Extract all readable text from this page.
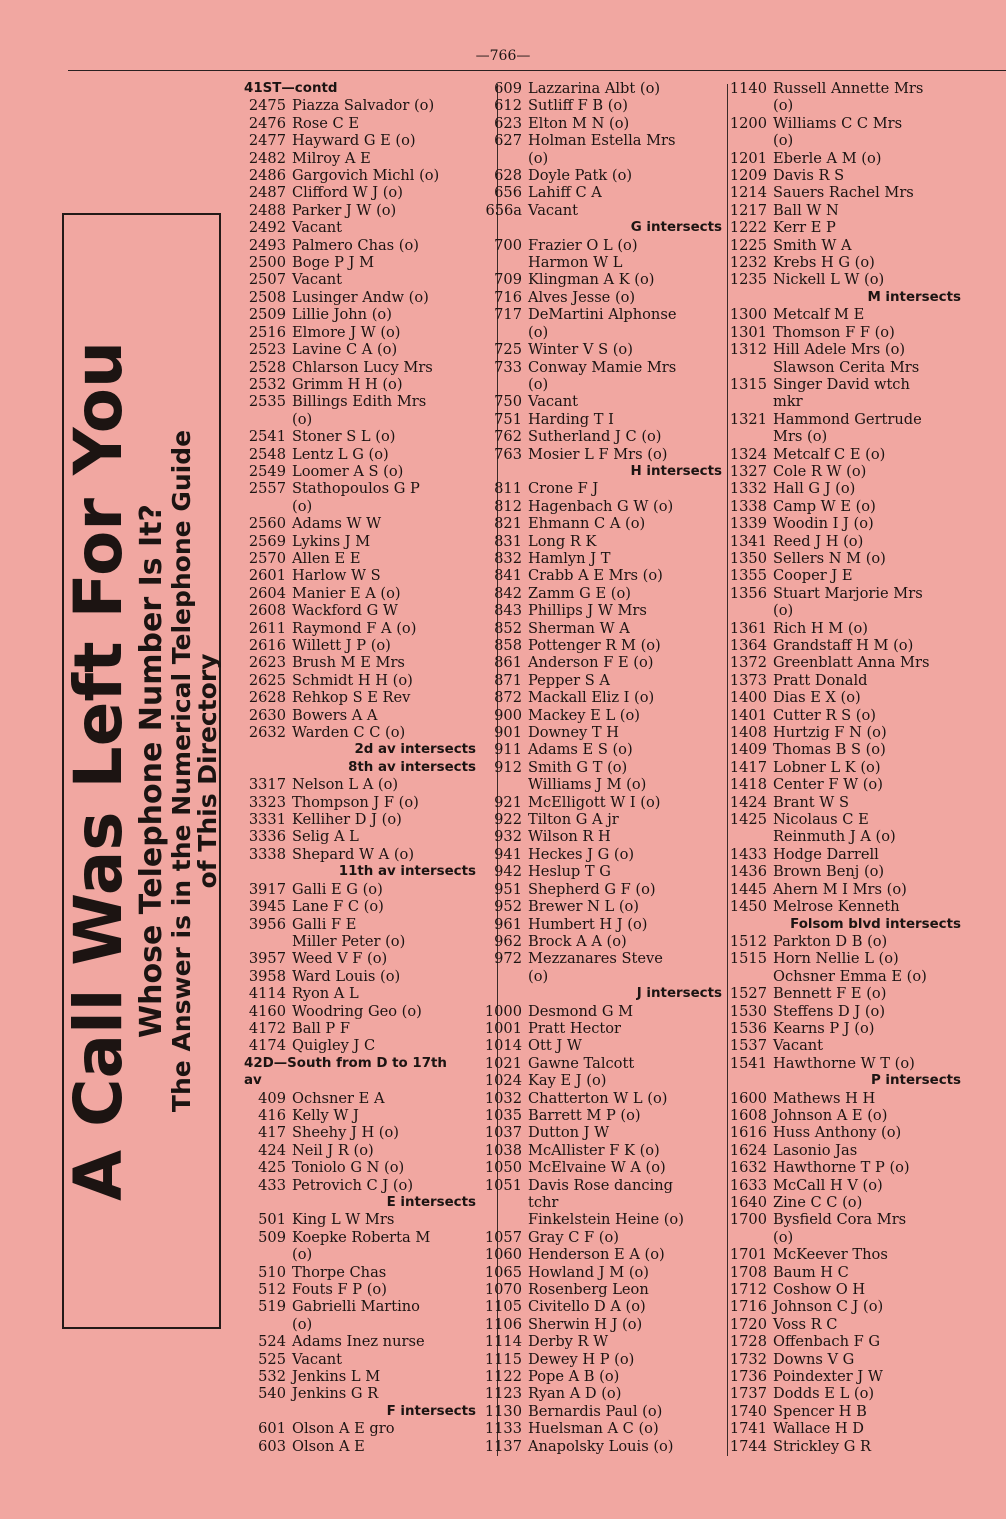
—766—
A Call Was Left For You
Whose Telephone Number Is It?
The Answer is in the Numerical Telephone Guide
of This Directory
41ST—contd
2475 Piazza Salvador (o)
2476 Rose C E
2477 Hayward G E (o)
2482 Milroy A E
2486 Gargovich Michl (o)
2487 Clifford W J (o)
2488 Parker J W (o)
2492 Vacant
2493 Palmero Chas (o)
2500 Boge P J M
2507 Vacant
2508 Lusinger Andw (o)
2509 Lillie John (o)
2516 Elmore J W (o)
2523 Lavine C A (o)
2528 Chlarson Lucy Mrs
2532 Grimm H H (o)
2535 Billings Edith Mrs
(o)
2541 Stoner S L (o)
2548 Lentz L G (o)
2549 Loomer A S (o)
2557 Stathopoulos G P
(o)
2560 Adams W W
2569 Lykins J M
2570 Allen E E
2601 Harlow W S
2604 Manier E A (o)
2608 Wackford G W
2611 Raymond F A (o)
2616 Willett J P (o)
2623 Brush M E Mrs
2625 Schmidt H H (o)
2628 Rehkop S E Rev
2630 Bowers A A
2632 Warden C C (o)
2d av intersects
8th av intersects
3317 Nelson L A (o)
3323 Thompson J F (o)
3331 Kelliher D J (o)
3336 Selig A L
3338 Shepard W A (o)
11th av intersects
3917 Galli E G (o)
3945 Lane F C (o)
3956 Galli F E
Miller Peter (o)
3957 Weed V F (o)
3958 Ward Louis (o)
4114 Ryon A L
4160 Woodring Geo (o)
4172 Ball P F
4174 Quigley J C
42D—South from D to 17th
av
409 Ochsner E A
416 Kelly W J
417 Sheehy J H (o)
424 Neil J R (o)
425 Toniolo G N (o)
433 Petrovich C J (o)
E intersects
501 King L W Mrs
509 Koepke Roberta M
(o)
510 Thorpe Chas
512 Fouts F P (o)
519 Gabrielli Martino
(o)
524 Adams Inez nurse
525 Vacant
532 Jenkins L M
540 Jenkins G R
F intersects
601 Olson A E gro
603 Olson A E
609 Lazzarina Albt (o)
612 Sutliff F B (o)
623 Elton M N (o)
627 Holman Estella Mrs
(o)
628 Doyle Patk (o)
656 Lahiff C A
656a Vacant
G intersects
700 Frazier O L (o)
Harmon W L
709 Klingman A K (o)
716 Alves Jesse (o)
717 DeMartini Alphonse
(o)
725 Winter V S (o)
733 Conway Mamie Mrs
(o)
750 Vacant
751 Harding T I
762 Sutherland J C (o)
763 Mosier L F Mrs (o)
H intersects
811 Crone F J
812 Hagenbach G W (o)
821 Ehmann C A (o)
831 Long R K
832 Hamlyn J T
841 Crabb A E Mrs (o)
842 Zamm G E (o)
843 Phillips J W Mrs
852 Sherman W A
858 Pottenger R M (o)
861 Anderson F E (o)
871 Pepper S A
872 Mackall Eliz I (o)
900 Mackey E L (o)
901 Downey T H
911 Adams E S (o)
912 Smith G T (o)
Williams J M (o)
921 McElligott W I (o)
922 Tilton G A jr
932 Wilson R H
941 Heckes J G (o)
942 Heslup T G
951 Shepherd G F (o)
952 Brewer N L (o)
961 Humbert H J (o)
962 Brock A A (o)
972 Mezzanares Steve
(o)
J intersects
1000 Desmond G M
1001 Pratt Hector
1014 Ott J W
1021 Gawne Talcott
1024 Kay E J (o)
1032 Chatterton W L (o)
1035 Barrett M P (o)
1037 Dutton J W
1038 McAllister F K (o)
1050 McElvaine W A (o)
1051 Davis Rose dancing
tchr
Finkelstein Heine (o)
1057 Gray C F (o)
1060 Henderson E A (o)
1065 Howland J M (o)
1070 Rosenberg Leon
1105 Civitello D A (o)
1106 Sherwin H J (o)
1114 Derby R W
1115 Dewey H P (o)
1122 Pope A B (o)
1123 Ryan A D (o)
1130 Bernardis Paul (o)
1133 Huelsman A C (o)
1137 Anapolsky Louis (o)
1140 Russell Annette Mrs
(o)
1200 Williams C C Mrs
(o)
1201 Eberle A M (o)
1209 Davis R S
1214 Sauers Rachel Mrs
1217 Ball W N
1222 Kerr E P
1225 Smith W A
1232 Krebs H G (o)
1235 Nickell L W (o)
M intersects
1300 Metcalf M E
1301 Thomson F F (o)
1312 Hill Adele Mrs (o)
Slawson Cerita Mrs
1315 Singer David wtch
mkr
1321 Hammond Gertrude
Mrs (o)
1324 Metcalf C E (o)
1327 Cole R W (o)
1332 Hall G J (o)
1338 Camp W E (o)
1339 Woodin I J (o)
1341 Reed J H (o)
1350 Sellers N M (o)
1355 Cooper J E
1356 Stuart Marjorie Mrs
(o)
1361 Rich H M (o)
1364 Grandstaff H M (o)
1372 Greenblatt Anna Mrs
1373 Pratt Donald
1400 Dias E X (o)
1401 Cutter R S (o)
1408 Hurtzig F N (o)
1409 Thomas B S (o)
1417 Lobner L K (o)
1418 Center F W (o)
1424 Brant W S
1425 Nicolaus C E
Reinmuth J A (o)
1433 Hodge Darrell
1436 Brown Benj (o)
1445 Ahern M I Mrs (o)
1450 Melrose Kenneth
Folsom blvd intersects
1512 Parkton D B (o)
1515 Horn Nellie L (o)
Ochsner Emma E (o)
1527 Bennett F E (o)
1530 Steffens D J (o)
1536 Kearns P J (o)
1537 Vacant
1541 Hawthorne W T (o)
P intersects
1600 Mathews H H
1608 Johnson A E (o)
1616 Huss Anthony (o)
1624 Lasonio Jas
1632 Hawthorne T P (o)
1633 McCall H V (o)
1640 Zine C C (o)
1700 Bysfield Cora Mrs
(o)
1701 McKeever Thos
1708 Baum H C
1712 Coshow O H
1716 Johnson C J (o)
1720 Voss R C
1728 Offenbach F G
1732 Downs V G
1736 Poindexter J W
1737 Dodds E L (o)
1740 Spencer H B
1741 Wallace H D
1744 Strickley G R
